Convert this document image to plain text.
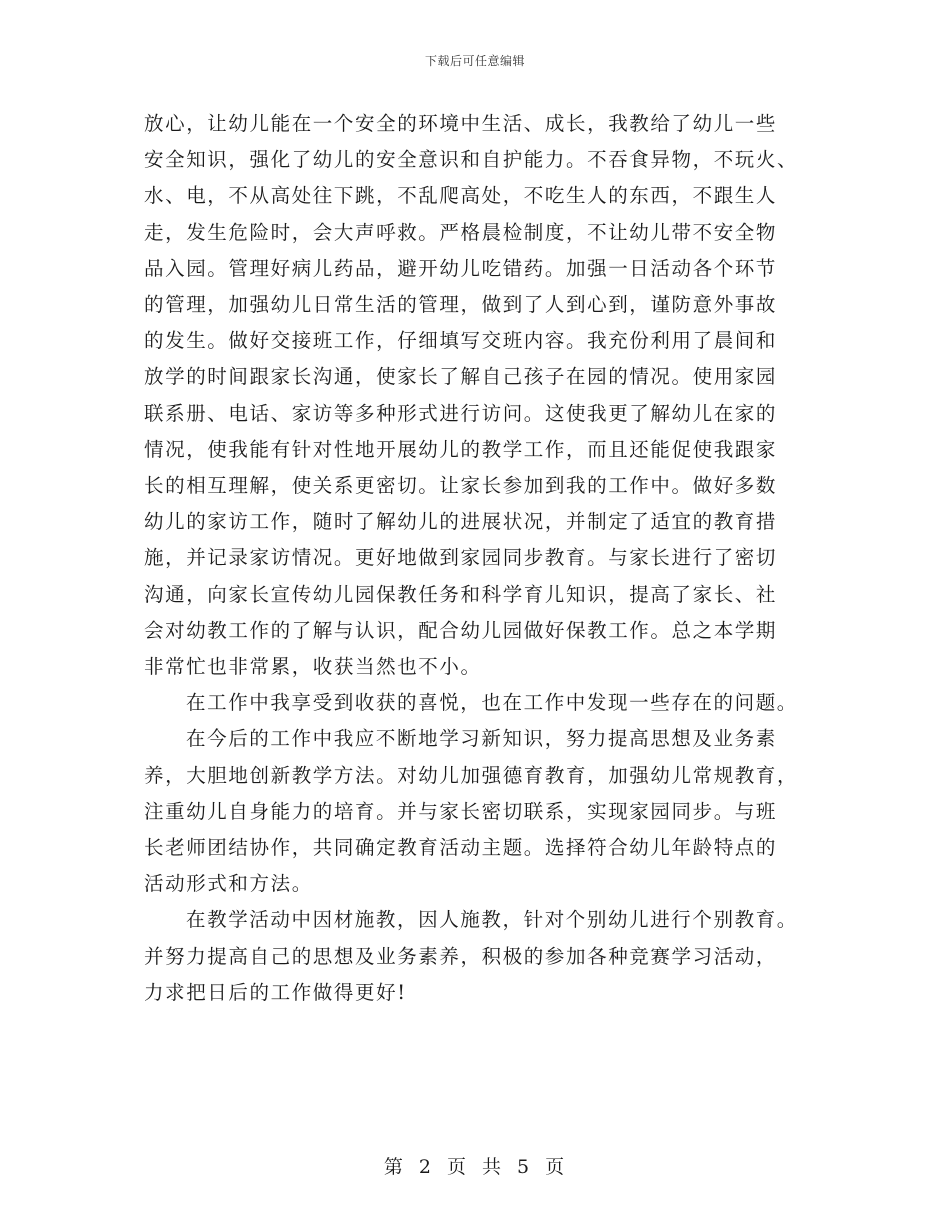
下载后可任意编辑

放心，让幼儿能在一个安全的环境中生活、成长，我教给了幼儿一些
安全知识，强化了幼儿的安全意识和自护能力。不吞食异物，不玩火、
水、电，不从高处往下跳，不乱爬高处，不吃生人的东西，不跟生人
走，发生危险时，会大声呼救。严格晨检制度，不让幼儿带不安全物
品入园。管理好病儿药品，避开幼儿吃错药。加强一日活动各个环节
的管理，加强幼儿日常生活的管理，做到了人到心到，谨防意外事故
的发生。做好交接班工作，仔细填写交班内容。我充份利用了晨间和
放学的时间跟家长沟通，使家长了解自己孩子在园的情况。使用家园
联系册、电话、家访等多种形式进行访问。这使我更了解幼儿在家的
情况，使我能有针对性地开展幼儿的教学工作，而且还能促使我跟家
长的相互理解，使关系更密切。让家长参加到我的工作中。做好多数
幼儿的家访工作，随时了解幼儿的进展状况，并制定了适宜的教育措
施，并记录家访情况。更好地做到家园同步教育。与家长进行了密切
沟通，向家长宣传幼儿园保教任务和科学育儿知识，提高了家长、社
会对幼教工作的了解与认识，配合幼儿园做好保教工作。总之本学期
非常忙也非常累，收获当然也不小。

在工作中我享受到收获的喜悦，也在工作中发现一些存在的问题。

在今后的工作中我应不断地学习新知识，努力提高思想及业务素
养，大胆地创新教学方法。对幼儿加强德育教育，加强幼儿常规教育，
注重幼儿自身能力的培育。并与家长密切联系，实现家园同步。与班
长老师团结协作，共同确定教育活动主题。选择符合幼儿年龄特点的
活动形式和方法。

在教学活动中因材施教，因人施教，针对个别幼儿进行个别教育。
并努力提高自己的思想及业务素养，积极的参加各种竞赛学习活动，
力求把日后的工作做得更好!

第 2 页 共 5 页
